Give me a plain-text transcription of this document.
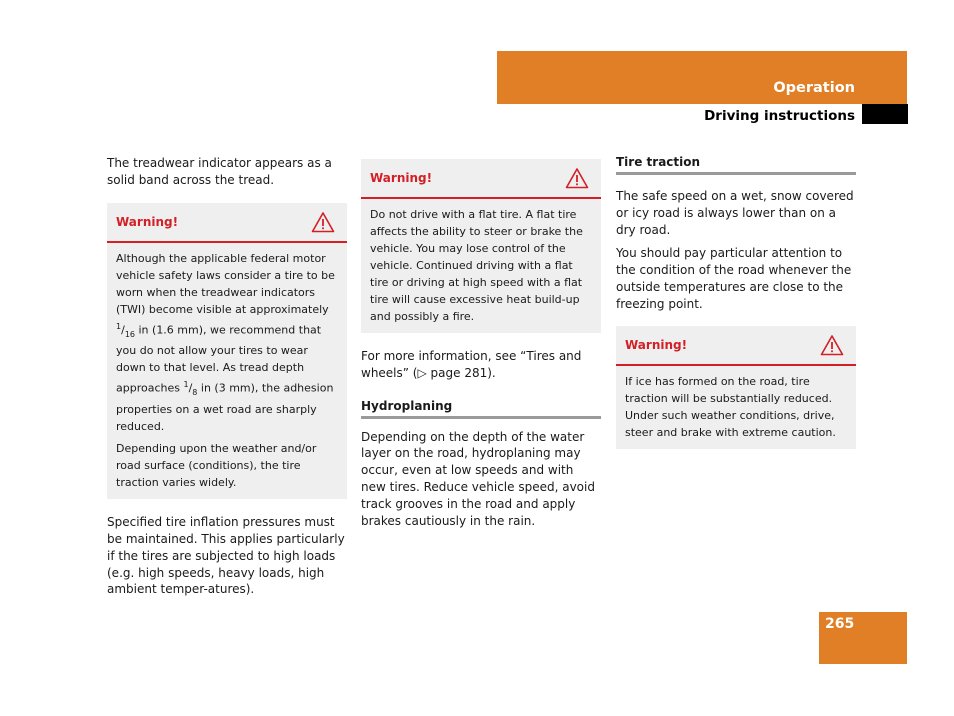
Operation
Driving instructions

The treadwear indicator appears as a solid band across the tread.

Warning!

Although the applicable federal motor vehicle safety laws consider a tire to be worn when the treadwear indicators (TWI) become visible at approximately $^1/_{16}$ in (1.6 mm), we recommend that you do not allow your tires to wear down to that level. As tread depth approaches $^1/_8$ in (3 mm), the adhesion properties on a wet road are sharply reduced.

Depending upon the weather and/or road surface (conditions), the tire traction varies widely.

Specified tire inflation pressures must be maintained. This applies particularly if the tires are subjected to high loads (e.g. high speeds, heavy loads, high ambient temper-atures).

Warning!

Do not drive with a flat tire. A flat tire affects the ability to steer or brake the vehicle. You may lose control of the vehicle. Continued driving with a flat tire or driving at high speed with a flat tire will cause excessive heat build-up and possibly a fire.

For more information, see “Tires and wheels” (▷ page 281).

Hydroplaning

Depending on the depth of the water layer on the road, hydroplaning may occur, even at low speeds and with new tires. Reduce vehicle speed, avoid track grooves in the road and apply brakes cautiously in the rain.

Tire traction

The safe speed on a wet, snow covered or icy road is always lower than on a dry road.

You should pay particular attention to the condition of the road whenever the outside temperatures are close to the freezing point.

Warning!

If ice has formed on the road, tire traction will be substantially reduced. Under such weather conditions, drive, steer and brake with extreme caution.

265
